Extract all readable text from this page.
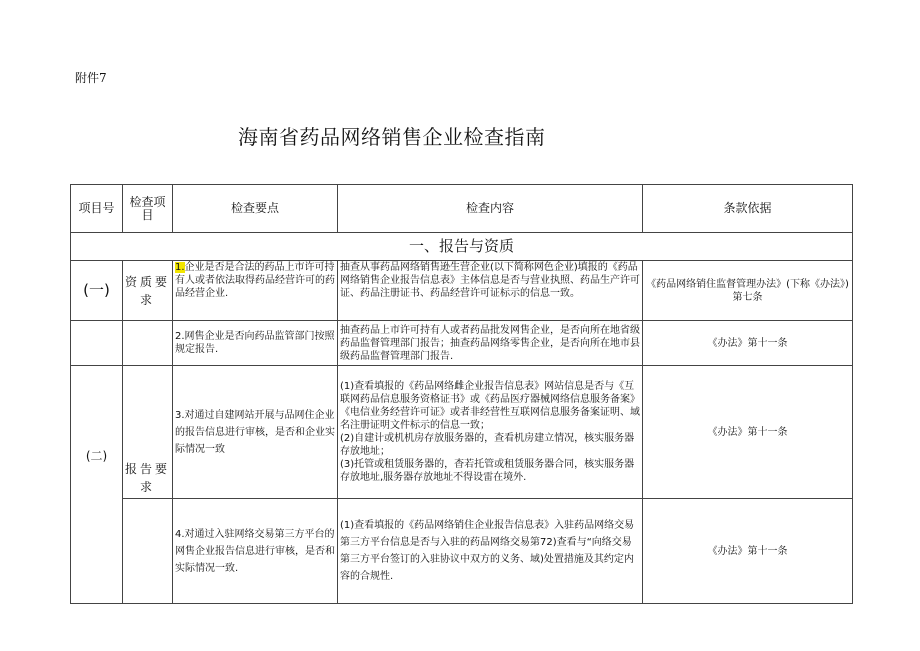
附件7
海南省药品网络销售企业检查指南
项目号	检查项目	检查要点	检查内容	条款依据
一、报告与资质				
(一)	资质要求	1.企业是否是合法的药品上市许可持有人或者依法取得药品经营许可的药品经营企业.	抽查从事药品网络销售逊生营企业(以下简称网色企业)填报的《药品网络销售企业报告信息表》主体信息是否与营业执照、药品生产许可证、药品注册证书、药品经营许可证标示的信息一致。	《药品网络销住监督管理办法》(下称《办法》)第七条
		2.网售企业是否向药品监管部门按照规定报告.	抽查药品上市许可持有人或者药品批发网售企业，是否向所在地省级药品监督管理部门报告；抽查药品网络零售企业，是否向所在地市县级药品监督管理部门报告.	《办法》第十一条
(二)	报告要求	3.对通过自建网站开展与品网住企业的报告信息进行审核，是否和企业实际情况一致	(1)查看填报的《药品网络雌企业报告信息表》网站信息是否与《互联网药品信息服务资格证书》或《药品医疗器械网络信息服务备案》《电信业务经营许可证》或者非经营性互联网信息服务备案证明、域名注册证明文件标示的信息一致；
(2)自建计或机机房存放服务器的，查看机房建立情况，核实服务器存放地址；
(3)托管或租赁服务器的，杳若托管或租赁服务器合同，核实服务器存放地址,服务器存放地址不得设雷在境外.	《办法》第十一条
		4.对通过入驻网络交易第三方平台的网售企业报告信息进行审核，是否和实际情况一致.	(1)查看填报的《药品网络销住企业报告信息表》入驻药品网络交易第三方平台信息是否与入驻的药品网络交易第72)查看与“向络交易第三方平台签订的入驻协议中双方的义务、域)处置措施及其约定内容的合规性.	《办法》第十一条
